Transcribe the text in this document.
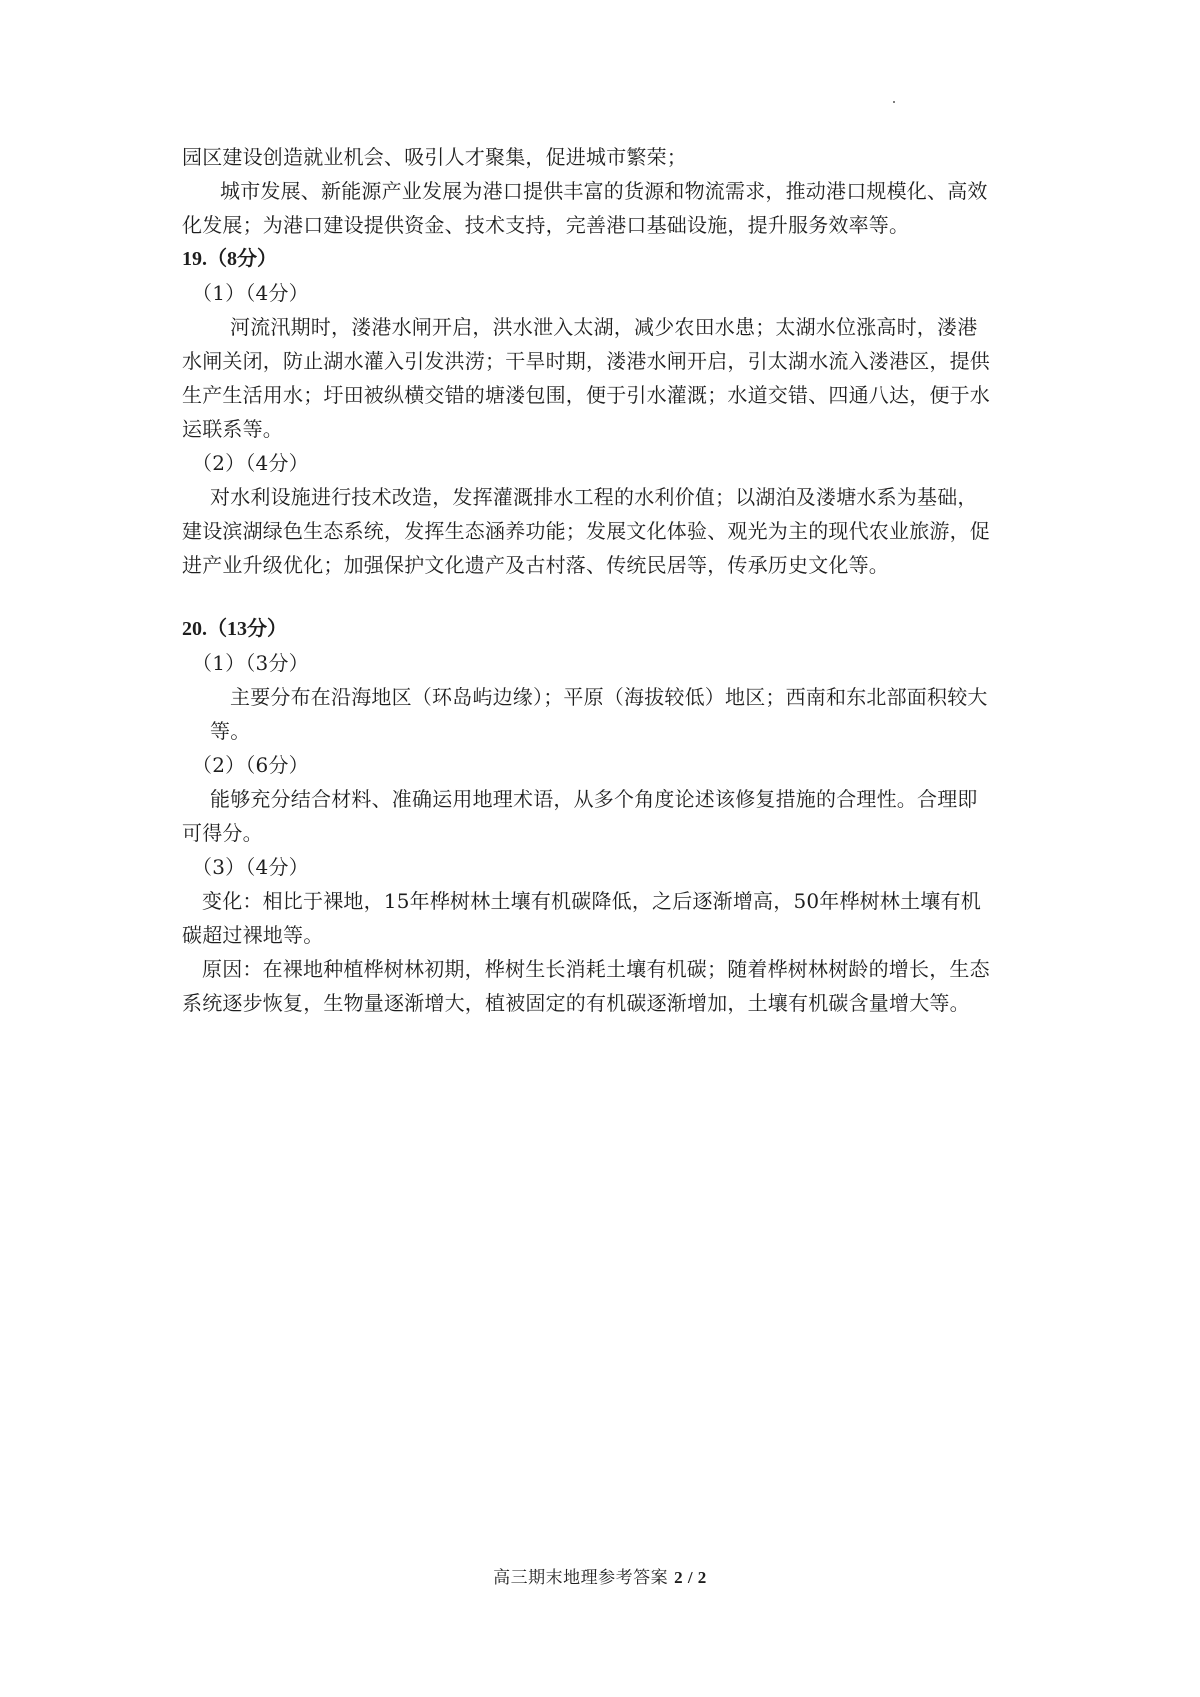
园区建设创造就业机会、吸引人才聚集，促进城市繁荣；
城市发展、新能源产业发展为港口提供丰富的货源和物流需求，推动港口规模化、高效
化发展；为港口建设提供资金、技术支持，完善港口基础设施，提升服务效率等。
19.（8分）
（1）（4分）
河流汛期时，溇港水闸开启，洪水泄入太湖，减少农田水患；太湖水位涨高时，溇港
水闸关闭，防止湖水灌入引发洪涝；干旱时期，溇港水闸开启，引太湖水流入溇港区，提供
生产生活用水；圩田被纵横交错的塘溇包围，便于引水灌溉；水道交错、四通八达，便于水
运联系等。
（2）（4分）
对水利设施进行技术改造，发挥灌溉排水工程的水利价值；以湖泊及溇塘水系为基础，
建设滨湖绿色生态系统，发挥生态涵养功能；发展文化体验、观光为主的现代农业旅游，促
进产业升级优化；加强保护文化遗产及古村落、传统民居等，传承历史文化等。
20.（13分）
（1）（3分）
主要分布在沿海地区（环岛屿边缘）；平原（海拔较低）地区；西南和东北部面积较大
等。
（2）（6分）
能够充分结合材料、准确运用地理术语，从多个角度论述该修复措施的合理性。合理即
可得分。
（3）（4分）
变化：相比于裸地，15年桦树林土壤有机碳降低，之后逐渐增高，50年桦树林土壤有机
碳超过裸地等。
原因：在裸地种植桦树林初期，桦树生长消耗土壤有机碳；随着桦树林树龄的增长，生态
系统逐步恢复，生物量逐渐增大，植被固定的有机碳逐渐增加，土壤有机碳含量增大等。
高三期末地理参考答案 2 / 2
